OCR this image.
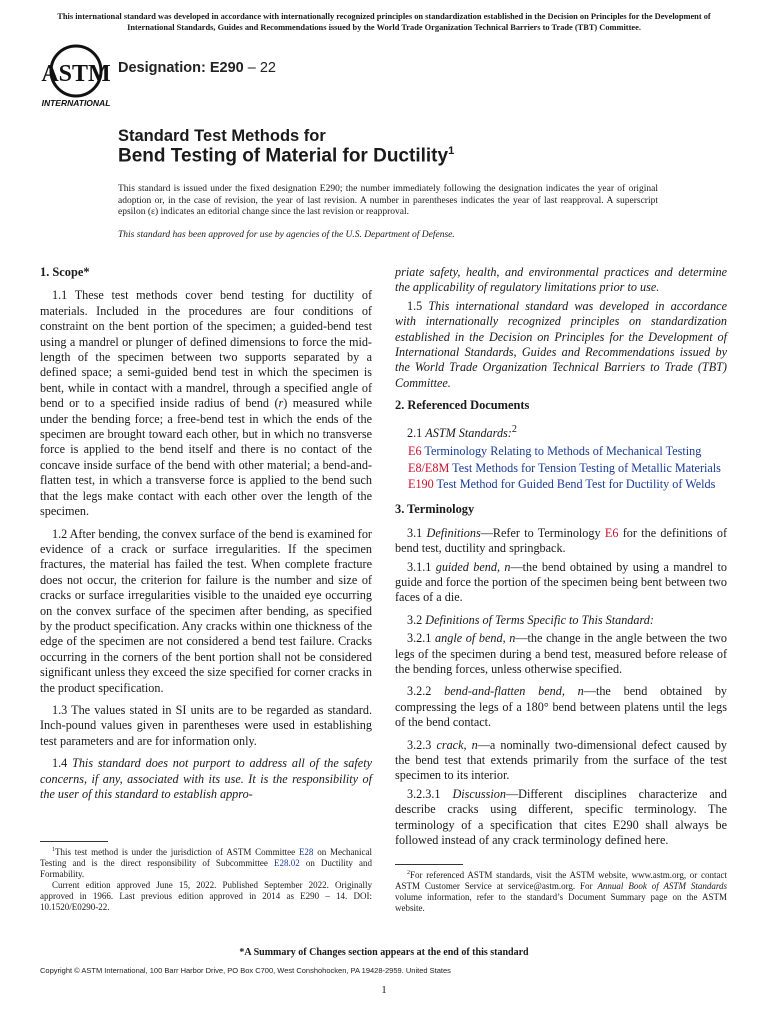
This international standard was developed in accordance with internationally recognized principles on standardization established in the Decision on Principles for the Development of International Standards, Guides and Recommendations issued by the World Trade Organization Technical Barriers to Trade (TBT) Committee.
ASTM
INTERNATIONAL
Designation: E290 – 22
Standard Test Methods for
Bend Testing of Material for Ductility$^1$
This standard is issued under the fixed designation E290; the number immediately following the designation indicates the year of original adoption or, in the case of revision, the year of last revision. A number in parentheses indicates the year of last reapproval. A superscript epsilon (ε) indicates an editorial change since the last revision or reapproval.
This standard has been approved for use by agencies of the U.S. Department of Defense.
1. Scope*

1.1 These test methods cover bend testing for ductility of materials. Included in the procedures are four conditions of constraint on the bent portion of the specimen; a guided-bend test using a mandrel or plunger of defined dimensions to force the mid-length of the specimen between two supports separated by a defined space; a semi-guided bend test in which the specimen is bent, while in contact with a mandrel, through a specified angle of bend or to a specified inside radius of bend (r) measured while under the bending force; a free-bend test in which the ends of the specimen are brought toward each other, but in which no transverse force is applied to the bend itself and there is no contact of the concave inside surface of the bend with other material; a bend-and-flatten test, in which a transverse force is applied to the bend such that the legs make contact with each other over the length of the specimen.

1.2 After bending, the convex surface of the bend is examined for evidence of a crack or surface irregularities. If the specimen fractures, the material has failed the test. When complete fracture does not occur, the criterion for failure is the number and size of cracks or surface irregularities visible to the unaided eye occurring on the convex surface of the specimen after bending, as specified by the product specification. Any cracks within one thickness of the edge of the specimen are not considered a bend test failure. Cracks occurring in the corners of the bent portion shall not be considered significant unless they exceed the size specified for corner cracks in the product specification.

1.3 The values stated in SI units are to be regarded as standard. Inch-pound values given in parentheses were used in establishing test parameters and are for information only.

1.4 This standard does not purport to address all of the safety concerns, if any, associated with its use. It is the responsibility of the user of this standard to establish appro-

priate safety, health, and environmental practices and determine the applicability of regulatory limitations prior to use.

1.5 This international standard was developed in accordance with internationally recognized principles on standardization established in the Decision on Principles for the Development of International Standards, Guides and Recommendations issued by the World Trade Organization Technical Barriers to Trade (TBT) Committee.

2. Referenced Documents

2.1 ASTM Standards:$^2$

E6 Terminology Relating to Methods of Mechanical Testing
E8/E8M Test Methods for Tension Testing of Metallic Materials
E190 Test Method for Guided Bend Test for Ductility of Welds
3. Terminology

3.1 Definitions—Refer to Terminology E6 for the definitions of bend test, ductility and springback.

3.1.1 guided bend, n—the bend obtained by using a mandrel to guide and force the portion of the specimen being bent between two faces of a die.

3.2 Definitions of Terms Specific to This Standard:

3.2.1 angle of bend, n—the change in the angle between the two legs of the specimen during a bend test, measured before release of the bending forces, unless otherwise specified.

3.2.2 bend-and-flatten bend, n—the bend obtained by compressing the legs of a 180° bend between platens until the legs of the bend contact.

3.2.3 crack, n—a nominally two-dimensional defect caused by the bend test that extends primarily from the surface of the test specimen to its interior.

3.2.3.1 Discussion—Different disciplines characterize and describe cracks using different, specific terminology. The terminology of a specification that cites E290 shall always be followed instead of any crack terminology defined here.

$^1$This test method is under the jurisdiction of ASTM Committee E28 on Mechanical Testing and is the direct responsibility of Subcommittee E28.02 on Ductility and Formability.

Current edition approved June 15, 2022. Published September 2022. Originally approved in 1966. Last previous edition approved in 2014 as E290 – 14. DOI: 10.1520/E0290-22.

$^2$For referenced ASTM standards, visit the ASTM website, www.astm.org, or contact ASTM Customer Service at service@astm.org. For Annual Book of ASTM Standards volume information, refer to the standard’s Document Summary page on the ASTM website.

*A Summary of Changes section appears at the end of this standard
Copyright © ASTM International, 100 Barr Harbor Drive, PO Box C700, West Conshohocken, PA 19428-2959. United States
1
